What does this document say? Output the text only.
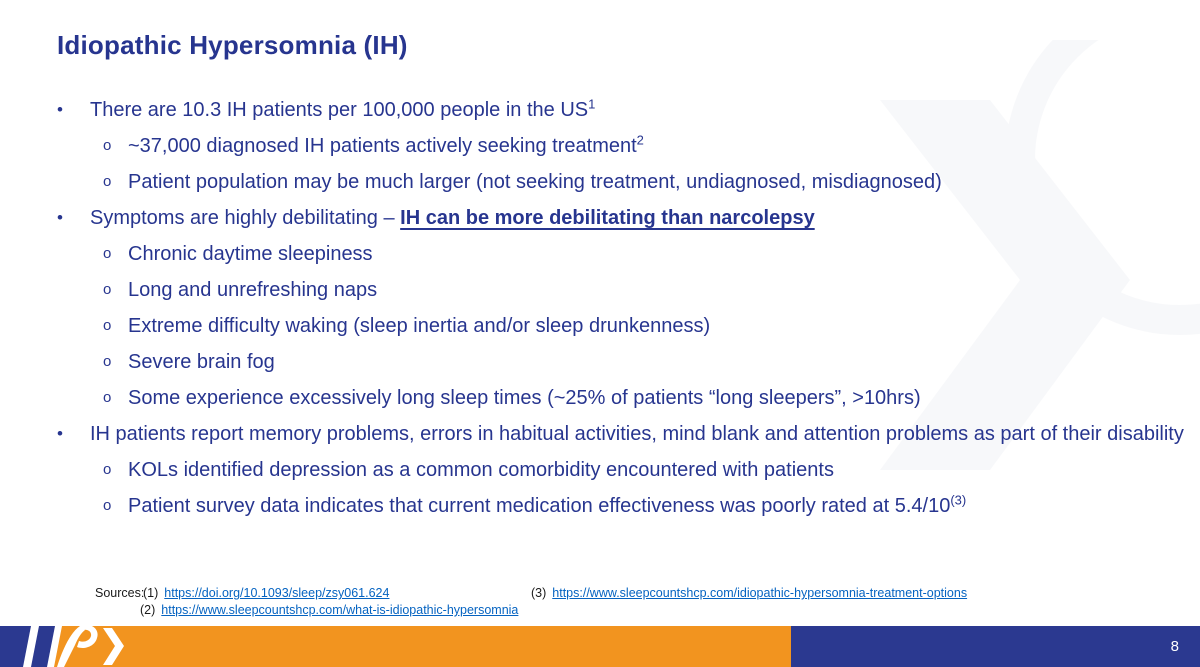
Idiopathic Hypersomnia (IH)
• There are 10.3 IH patients per 100,000 people in the US$^1$
o ~37,000 diagnosed IH patients actively seeking treatment$^2$
o Patient population may be much larger (not seeking treatment, undiagnosed, misdiagnosed)
• Symptoms are highly debilitating – IH can be more debilitating than narcolepsy
o Chronic daytime sleepiness
o Long and unrefreshing naps
o Extreme difficulty waking (sleep inertia and/or sleep drunkenness)
o Severe brain fog
o Some experience excessively long sleep times (~25% of patients “long sleepers”, >10hrs)
• IH patients report memory problems, errors in habitual activities, mind blank and attention problems as part of their disability
o KOLs identified depression as a common comorbidity encountered with patients
o Patient survey data indicates that current medication effectiveness was poorly rated at 5.4/10$^{(3)}$
Sources:
(1) https://doi.org/10.1093/sleep/zsy061.624
(2) https://www.sleepcountshcp.com/what-is-idiopathic-hypersomnia
(3) https://www.sleepcountshcp.com/idiopathic-hypersomnia-treatment-options
8
